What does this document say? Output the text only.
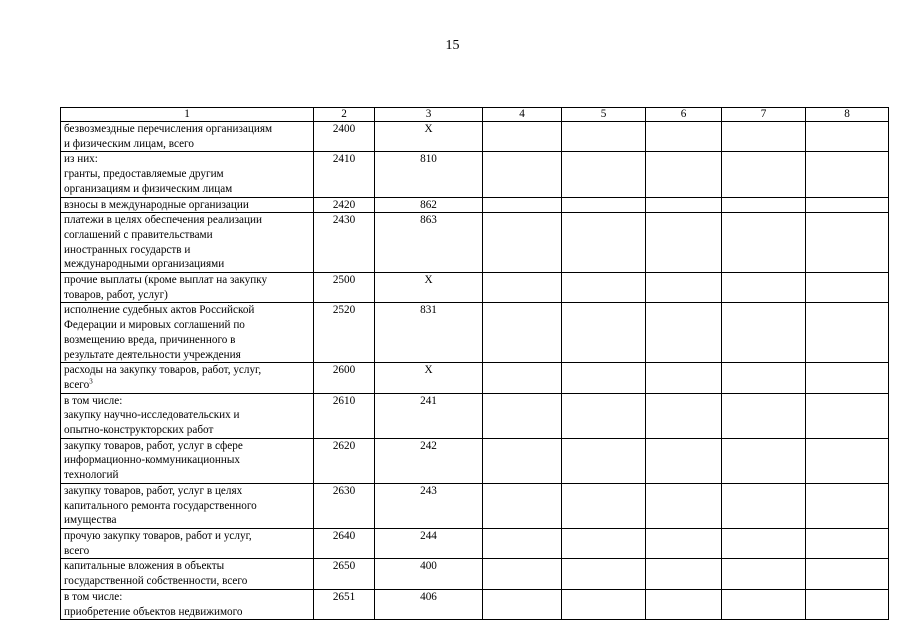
15
1	2	3	4	5	6	7	8
безвозмездные перечисления организациям
и физическим лицам, всего	2400	X					
из них:
гранты, предоставляемые другим
организациям и физическим лицам	2410	810					
взносы в международные организации	2420	862					
платежи в целях обеспечения реализации
соглашений с правительствами
иностранных государств и
международными организациями	2430	863					
прочие выплаты (кроме выплат на закупку
товаров, работ, услуг)	2500	X					
исполнение судебных актов Российской
Федерации и мировых соглашений по
возмещению вреда, причиненного в
результате деятельности учреждения	2520	831					
расходы на закупку товаров, работ, услуг,
всего$^3$	2600	X					
в том числе:
закупку научно-исследовательских и
опытно-конструкторских работ	2610	241					
закупку товаров, работ, услуг в сфере
информационно-коммуникационных
технологий	2620	242					
закупку товаров, работ, услуг в целях
капитального ремонта государственного
имущества	2630	243					
прочую закупку товаров, работ и услуг,
всего	2640	244					
капитальные вложения в объекты
государственной собственности, всего	2650	400					
в том числе:
приобретение объектов недвижимого	2651	406					
